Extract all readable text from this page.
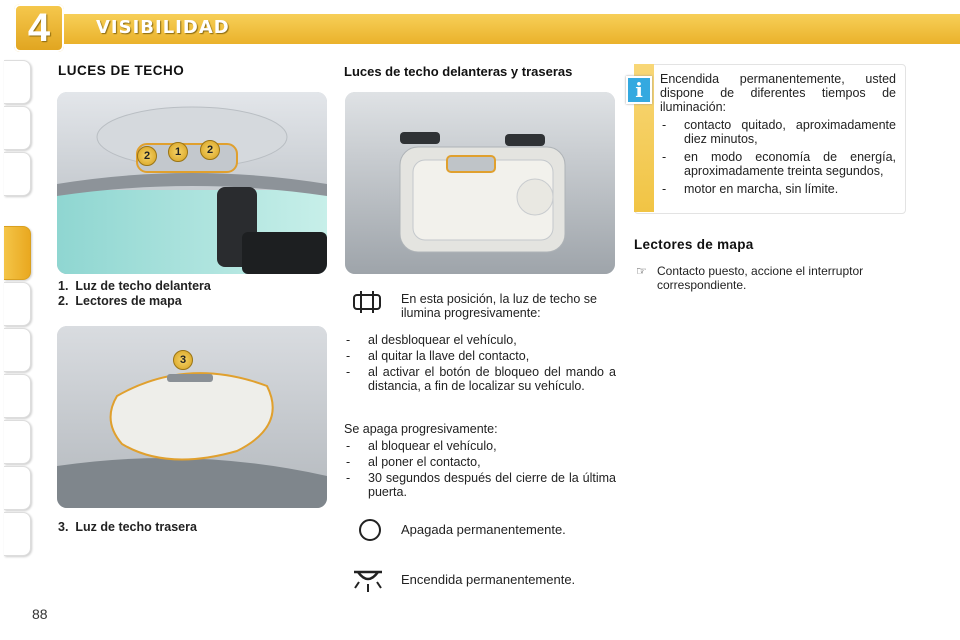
4	VISIBILIDAD
LUCES DE TECHO
2	1	2
1. Luz de techo delantera
2. Lectores de mapa
3
3. Luz de techo trasera
Luces de techo delanteras y traseras
En esta posición, la luz de techo se ilumina progresivamente:
- al desbloquear el vehículo,
- al quitar la llave del contacto,
- al activar el botón de bloqueo del mando a distancia, a fin de localizar su vehículo.
Se apaga progresivamente:
- al bloquear el vehículo,
- al poner el contacto,
- 30 segundos después del cierre de la última puerta.
Apagada permanentemente.
Encendida permanentemente.
i	Encendida permanentemente, usted dispone de diferentes tiempos de iluminación:
- contacto quitado, aproximadamente diez minutos,
- en modo economía de energía, aproximadamente treinta segundos,
- motor en marcha, sin límite.
Lectores de mapa
☞ Contacto puesto, accione el interruptor correspondiente.
88
